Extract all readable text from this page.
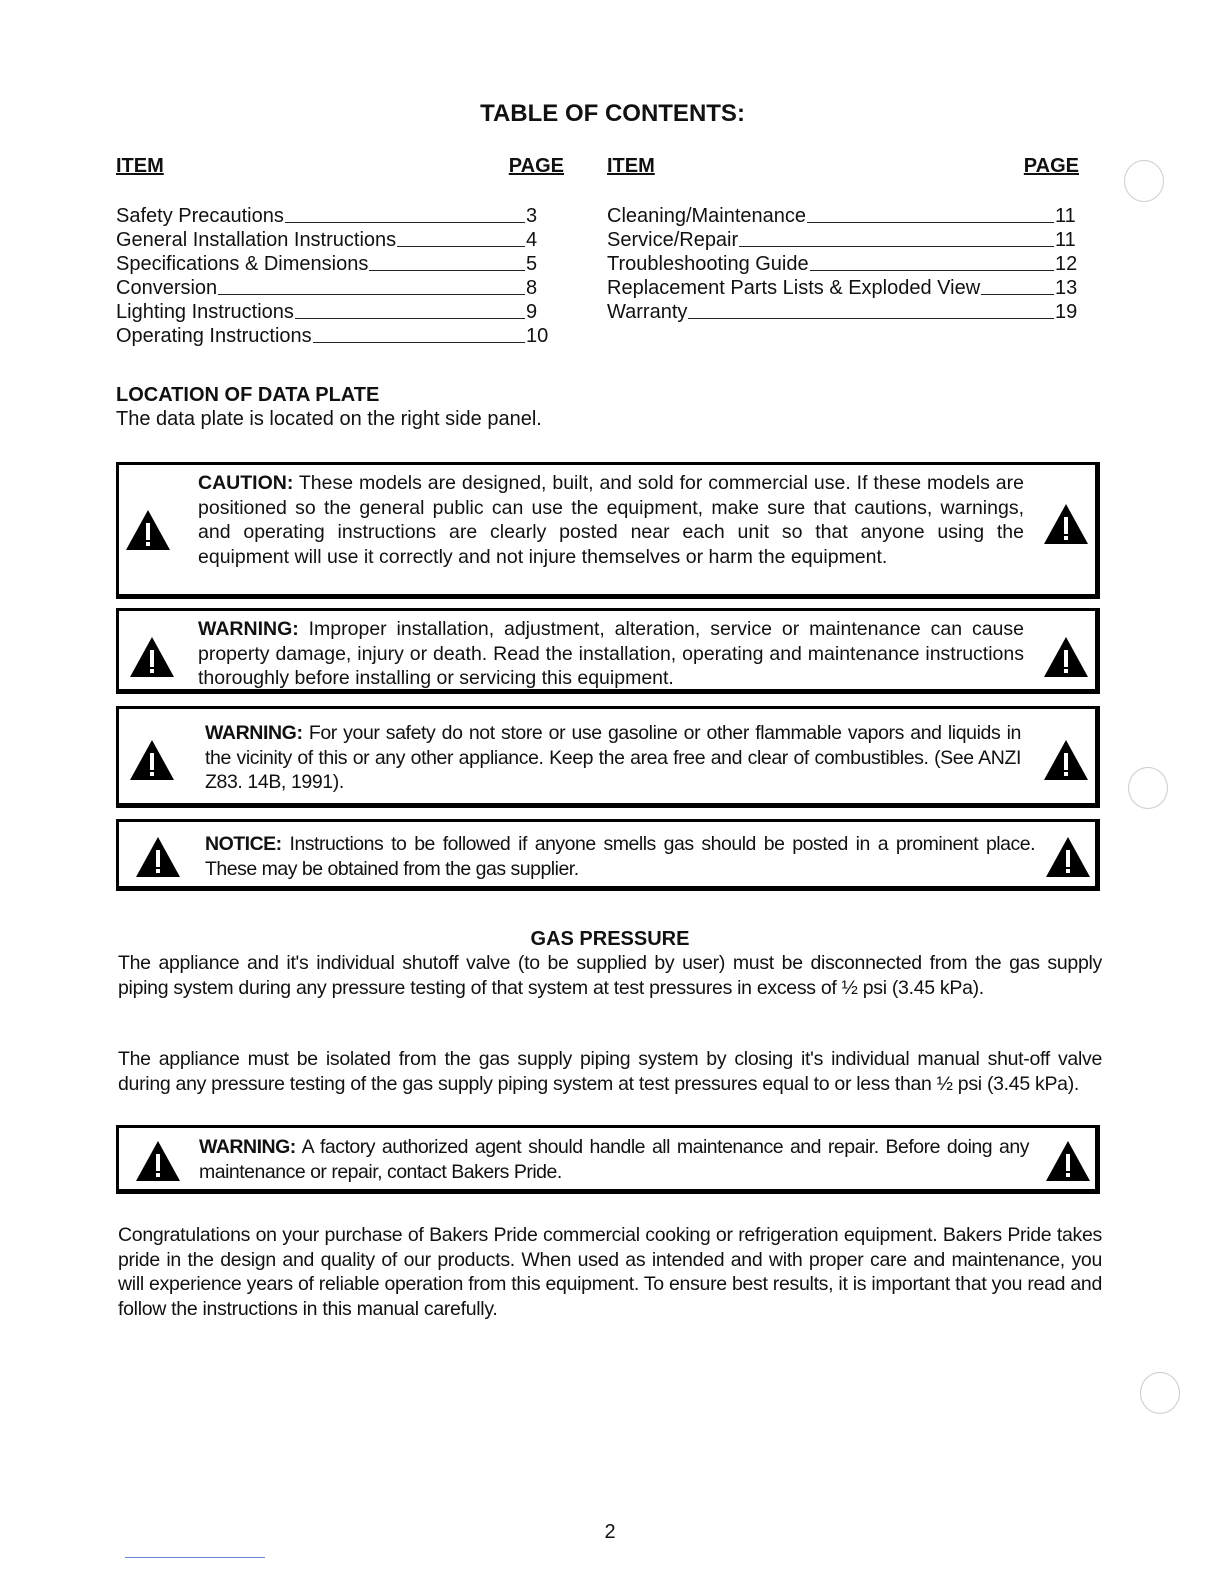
TABLE OF CONTENTS:
ITEM	PAGE
Safety Precautions	3
General Installation Instructions	4
Specifications & Dimensions	5
Conversion	8
Lighting Instructions	9
Operating Instructions	10
ITEM	PAGE
Cleaning/Maintenance	11
Service/Repair	11
Troubleshooting Guide	12
Replacement Parts Lists & Exploded View	13
Warranty	19
LOCATION OF DATA PLATE
The data plate is located on the right side panel.
CAUTION: These models are designed, built, and sold for commercial use. If these models are positioned so the general public can use the equipment, make sure that cautions, warnings, and operating instructions are clearly posted near each unit so that anyone using the equipment will use it correctly and not injure themselves or harm the equipment.
WARNING: Improper installation, adjustment, alteration, service or maintenance can cause property damage, injury or death. Read the installation, operating and maintenance instructions thoroughly before installing or servicing this equipment.
WARNING: For your safety do not store or use gasoline or other flammable vapors and liquids in the vicinity of this or any other appliance. Keep the area free and clear of combustibles. (See ANZI Z83. 14B, 1991).
NOTICE: Instructions to be followed if anyone smells gas should be posted in a prominent place. These may be obtained from the gas supplier.
GAS PRESSURE
The appliance and it's individual shutoff valve (to be supplied by user) must be disconnected from the gas supply piping system during any pressure testing of that system at test pressures in excess of ½ psi (3.45 kPa).
The appliance must be isolated from the gas supply piping system by closing it's individual manual shut-off valve during any pressure testing of the gas supply piping system at test pressures equal to or less than ½ psi (3.45 kPa).
WARNING: A factory authorized agent should handle all maintenance and repair. Before doing any maintenance or repair, contact Bakers Pride.
Congratulations on your purchase of Bakers Pride commercial cooking or refrigeration equipment. Bakers Pride takes pride in the design and quality of our products. When used as intended and with proper care and maintenance, you will experience years of reliable operation from this equipment. To ensure best results, it is important that you read and follow the instructions in this manual carefully.
2
